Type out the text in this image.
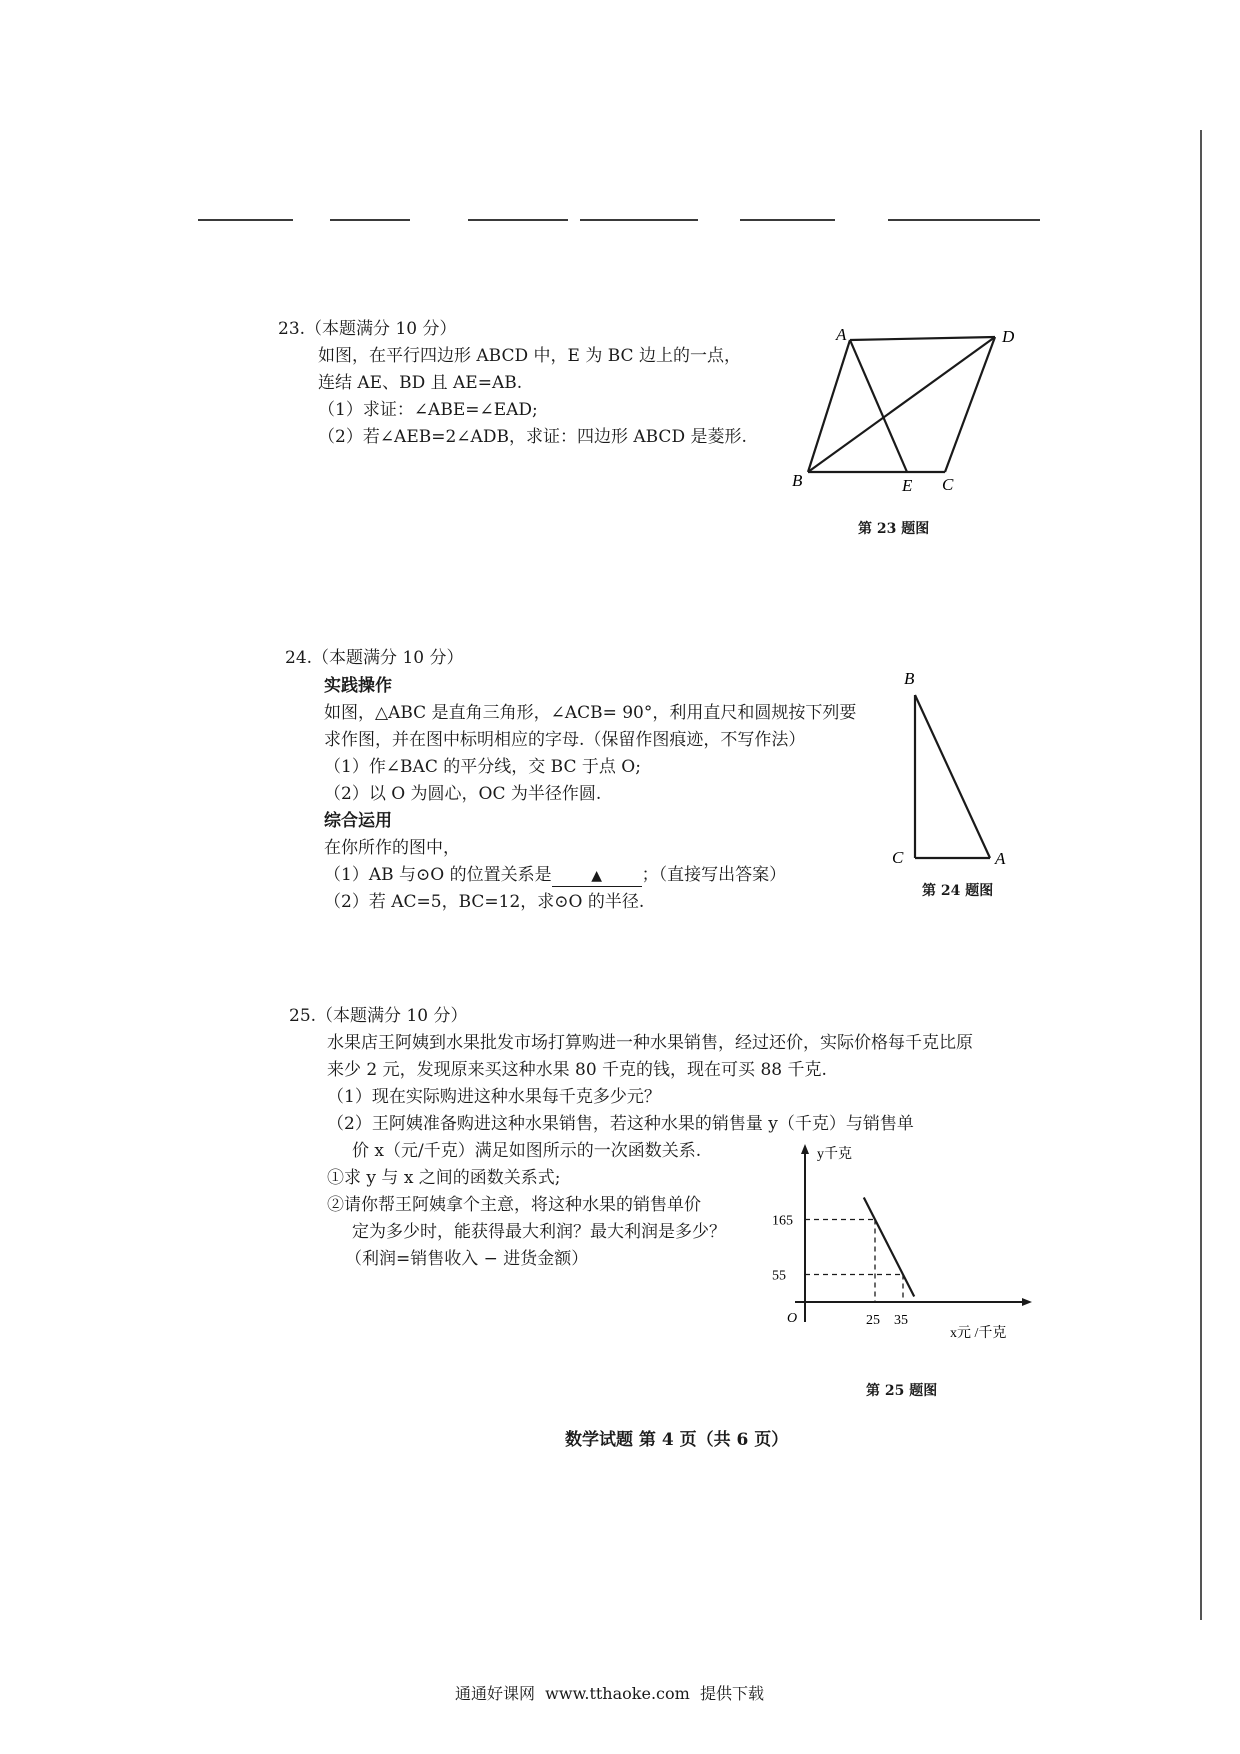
23.（本题满分 10 分）
如图，在平行四边形 ABCD 中，E 为 BC 边上的一点，
连结 AE、BD 且 AE=AB.
（1）求证：∠ABE=∠EAD;
（2）若∠AEB=2∠ADB，求证：四边形 ABCD 是菱形.
A	D
B	E C
第 23 题图
24.（本题满分 10 分）
实践操作
如图，△ABC 是直角三角形，∠ACB= 90°，利用直尺和圆规按下列要
求作图，并在图中标明相应的字母.（保留作图痕迹，不写作法）
（1）作∠BAC 的平分线，交 BC 于点 O;
（2）以 O 为圆心，OC 为半径作圆.
综合运用
在你所作的图中，
（1）AB 与⊙O 的位置关系是	▲ ；（直接写出答案）
（2）若 AC=5，BC=12，求⊙O 的半径.
B
C	A
第 24 题图
25.（本题满分 10 分）
水果店王阿姨到水果批发市场打算购进一种水果销售，经过还价，实际价格每千克比原
来少 2 元，发现原来买这种水果 80 千克的钱，现在可买 88 千克.
（1）现在实际购进这种水果每千克多少元？
（2）王阿姨准备购进这种水果销售，若这种水果的销售量 y（千克）与销售单
价 x（元/千克）满足如图所示的一次函数关系.
①求 y 与 x 之间的函数关系式;
②请你帮王阿姨拿个主意，将这种水果的销售单价
定为多少时，能获得最大利润？最大利润是多少？
（利润=销售收入 − 进货金额）
y千克
x元 /千克
O
55
165
25 35
第 25 题图
数学试题 第 4 页（共 6 页）
通通好课网  www.tthaoke.com  提供下载
